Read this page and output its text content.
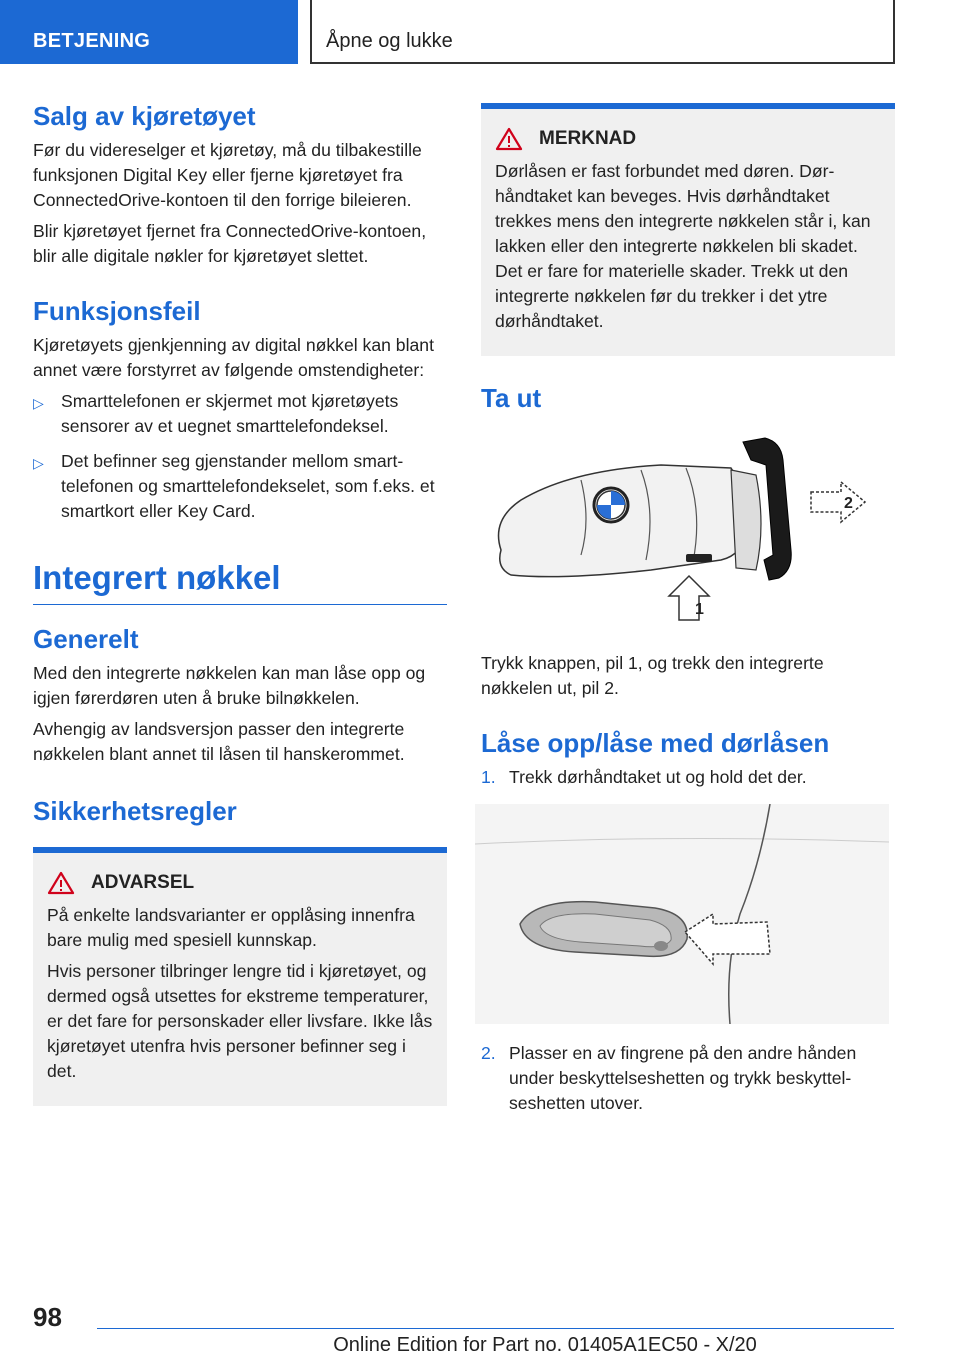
BETJENING	Åpne og lukke
Salg av kjøretøyet

Før du videreselger et kjøretøy, må du tilbakestille funksjonen Digital Key eller fjerne kjøretøyet fra ConnectedOrive-kontoen til den forrige bileieren.

Blir kjøretøyet fjernet fra ConnectedOrive-kontoen, blir alle digitale nøkler for kjøretøyet slettet.

Funksjonsfeil

Kjøretøyets gjenkjenning av digital nøkkel kan blant annet være forstyrret av følgende omstendigheter:

▷ Smarttelefonen er skjermet mot kjøretøyets sensorer av et uegnet smarttelefondeksel.
▷ Det befinner seg gjenstander mellom smarttelefonen og smarttelefondekselet, som f.eks. et smartkort eller Key Card.
Integrert nøkkel
Generelt

Med den integrerte nøkkelen kan man låse opp og igjen førerdøren uten å bruke bilnøkkelen.

Avhengig av landsversjon passer den integrerte nøkkelen blant annet til låsen til hanskerommet.

Sikkerhetsregler
ADVARSEL

På enkelte landsvarianter er opplåsing innenfra bare mulig med spesiell kunnskap.

Hvis personer tilbringer lengre tid i kjøretøyet, og dermed også utsettes for ekstreme temperaturer, er det fare for personskader eller livsfare. Ikke lås kjøretøyet utenfra hvis personer befinner seg i det.

MERKNAD

Dørlåsen er fast forbundet med døren. Dørhåndtaket kan beveges. Hvis dørhåndtaket trekkes mens den integrerte nøkkelen står i, kan lakken eller den integrerte nøkkelen bli skadet. Det er fare for materielle skader. Trekk ut den integrerte nøkkelen før du trekker i det ytre dørhåndtaket.

Ta ut
2
1

Trykk knappen, pil 1, og trekk den integrerte nøkkelen ut, pil 2.

Låse opp/låse med dørlåsen
1. Trekk dørhåndtaket ut og hold det der.
2. Plasser en av fingrene på den andre hånden under beskyttelseshetten og trykk beskyttelseshetten utover.
98
Online Edition for Part no. 01405A1EC50 - X/20
